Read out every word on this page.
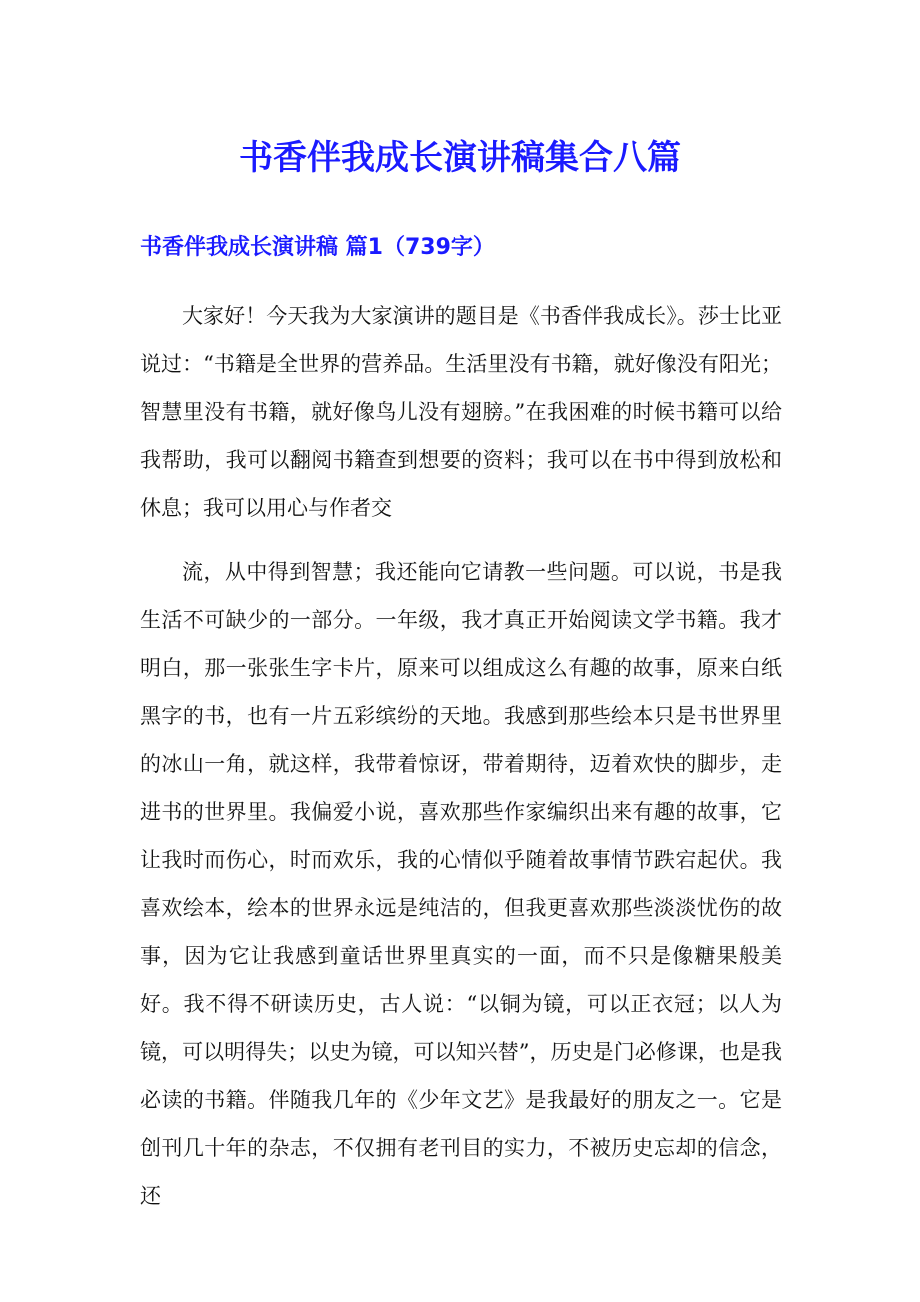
书香伴我成长演讲稿集合八篇
书香伴我成长演讲稿 篇1（739字）

大家好！今天我为大家演讲的题目是《书香伴我成长》。莎士比亚说过：“书籍是全世界的营养品。生活里没有书籍，就好像没有阳光；智慧里没有书籍，就好像鸟儿没有翅膀。”在我困难的时候书籍可以给我帮助，我可以翻阅书籍查到想要的资料；我可以在书中得到放松和休息；我可以用心与作者交

流，从中得到智慧；我还能向它请教一些问题。可以说，书是我生活不可缺少的一部分。一年级，我才真正开始阅读文学书籍。我才明白，那一张张生字卡片，原来可以组成这么有趣的故事，原来白纸黑字的书，也有一片五彩缤纷的天地。我感到那些绘本只是书世界里的冰山一角，就这样，我带着惊讶，带着期待，迈着欢快的脚步，走进书的世界里。我偏爱小说，喜欢那些作家编织出来有趣的故事，它让我时而伤心，时而欢乐，我的心情似乎随着故事情节跌宕起伏。我喜欢绘本，绘本的世界永远是纯洁的，但我更喜欢那些淡淡忧伤的故事，因为它让我感到童话世界里真实的一面，而不只是像糖果般美好。我不得不研读历史，古人说：“以铜为镜，可以正衣冠；以人为镜，可以明得失；以史为镜，可以知兴替”，历史是门必修课，也是我必读的书籍。伴随我几年的《少年文艺》是我最好的朋友之一。它是创刊几十年的杂志，不仅拥有老刊目的实力，不被历史忘却的信念，还
